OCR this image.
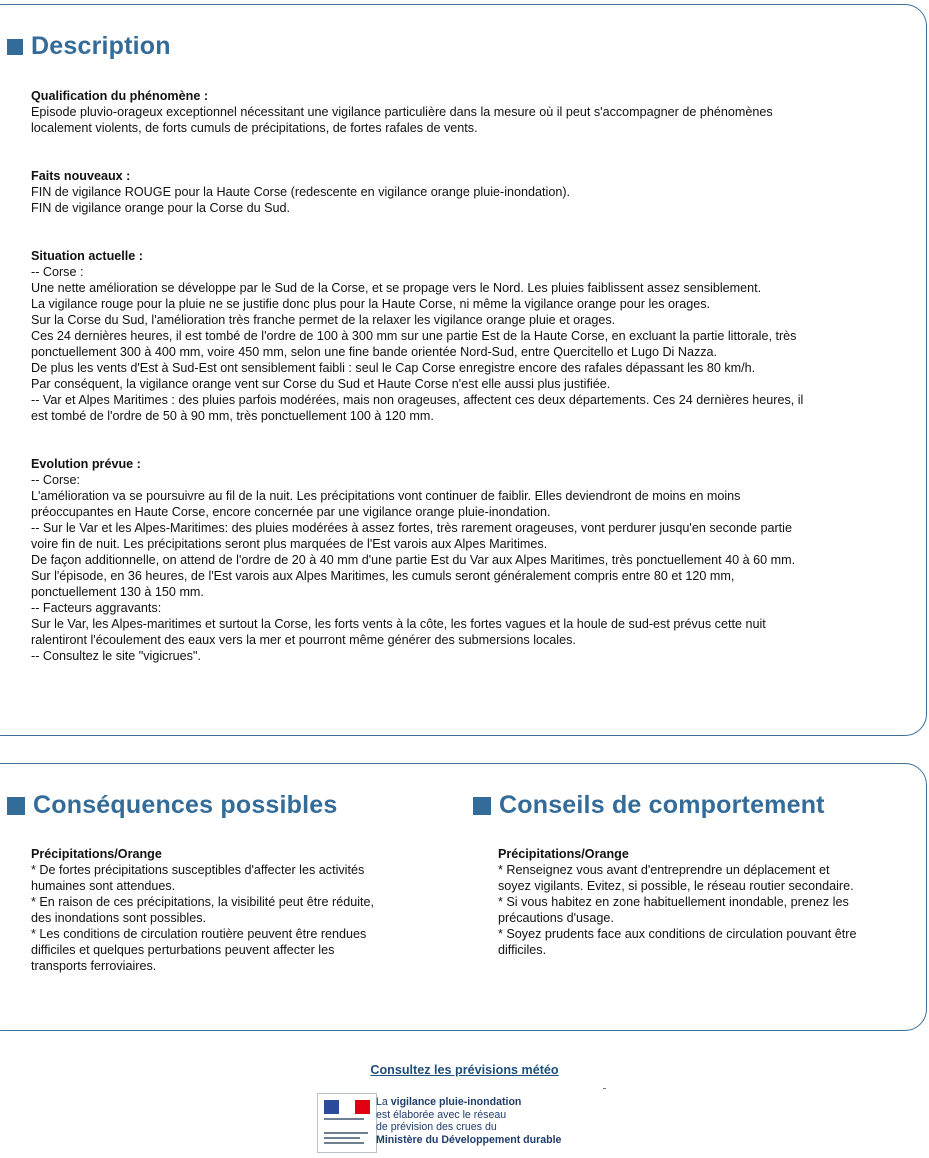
Description

Qualification du phénomène :

Episode pluvio-orageux exceptionnel nécessitant une vigilance particulière dans la mesure où il peut s'accompagner de phénomènes

localement violents, de forts cumuls de précipitations, de fortes rafales de vents.

Faits nouveaux :

FIN de vigilance ROUGE pour la Haute Corse (redescente en vigilance orange pluie-inondation).

FIN de vigilance orange pour la Corse du Sud.

Situation actuelle :

-- Corse :

Une nette amélioration se développe par le Sud de la Corse, et se propage vers le Nord. Les pluies faiblissent assez sensiblement.

La vigilance rouge pour la pluie ne se justifie donc plus pour la Haute Corse, ni même la vigilance orange pour les orages.

Sur la Corse du Sud, l'amélioration très franche permet de la relaxer les vigilance orange pluie et orages.

Ces 24 dernières heures, il est tombé de l'ordre de 100 à 300 mm sur une partie Est de la Haute Corse, en excluant la partie littorale, très

ponctuellement 300 à 400 mm, voire 450 mm, selon une fine bande orientée Nord-Sud, entre Quercitello et Lugo Di Nazza.

De plus les vents d'Est à Sud-Est ont sensiblement faibli : seul le Cap Corse enregistre encore des rafales dépassant les 80 km/h.

Par conséquent, la vigilance orange vent sur Corse du Sud et Haute Corse n'est elle aussi plus justifiée.

-- Var et Alpes Maritimes : des pluies parfois modérées, mais non orageuses, affectent ces deux départements. Ces 24 dernières heures, il

est tombé de l'ordre de 50 à 90 mm, très ponctuellement 100 à 120 mm.

Evolution prévue :

-- Corse:

L'amélioration va se poursuivre au fil de la nuit. Les précipitations vont continuer de faiblir. Elles deviendront de moins en moins

préoccupantes en Haute Corse, encore concernée par une vigilance orange pluie-inondation.

-- Sur le Var et les Alpes-Maritimes: des pluies modérées à assez fortes, très rarement orageuses, vont perdurer jusqu'en seconde partie

voire fin de nuit. Les précipitations seront plus marquées de l'Est varois aux Alpes Maritimes.

De façon additionnelle, on attend de l'ordre de 20 à 40 mm d'une partie Est du Var aux Alpes Maritimes, très ponctuellement 40 à 60 mm.

Sur l'épisode, en 36 heures, de l'Est varois aux Alpes Maritimes, les cumuls seront généralement compris entre 80 et 120 mm,

ponctuellement 130 à 150 mm.

-- Facteurs aggravants:

Sur le Var, les Alpes-maritimes et surtout la Corse, les forts vents à la côte, les fortes vagues et la houle de sud-est prévus cette nuit

ralentiront l'écoulement des eaux vers la mer et pourront même générer des submersions locales.

-- Consultez le site "vigicrues".

Conséquences possibles	Conseils de comportement

Précipitations/Orange

* De fortes précipitations susceptibles d'affecter les activités

humaines sont attendues.

* En raison de ces précipitations, la visibilité peut être réduite,

des inondations sont possibles.

* Les conditions de circulation routière peuvent être rendues

difficiles et quelques perturbations peuvent affecter les

transports ferroviaires.

Précipitations/Orange

* Renseignez vous avant d'entreprendre un déplacement et

soyez vigilants. Evitez, si possible, le réseau routier secondaire.

* Si vous habitez en zone habituellement inondable, prenez les

précautions d'usage.

* Soyez prudents face aux conditions de circulation pouvant être

difficiles.

Consultez les prévisions météo

La vigilance pluie-inondation

est élaborée avec le réseau

de prévision des crues du

Ministère du Développement durable
